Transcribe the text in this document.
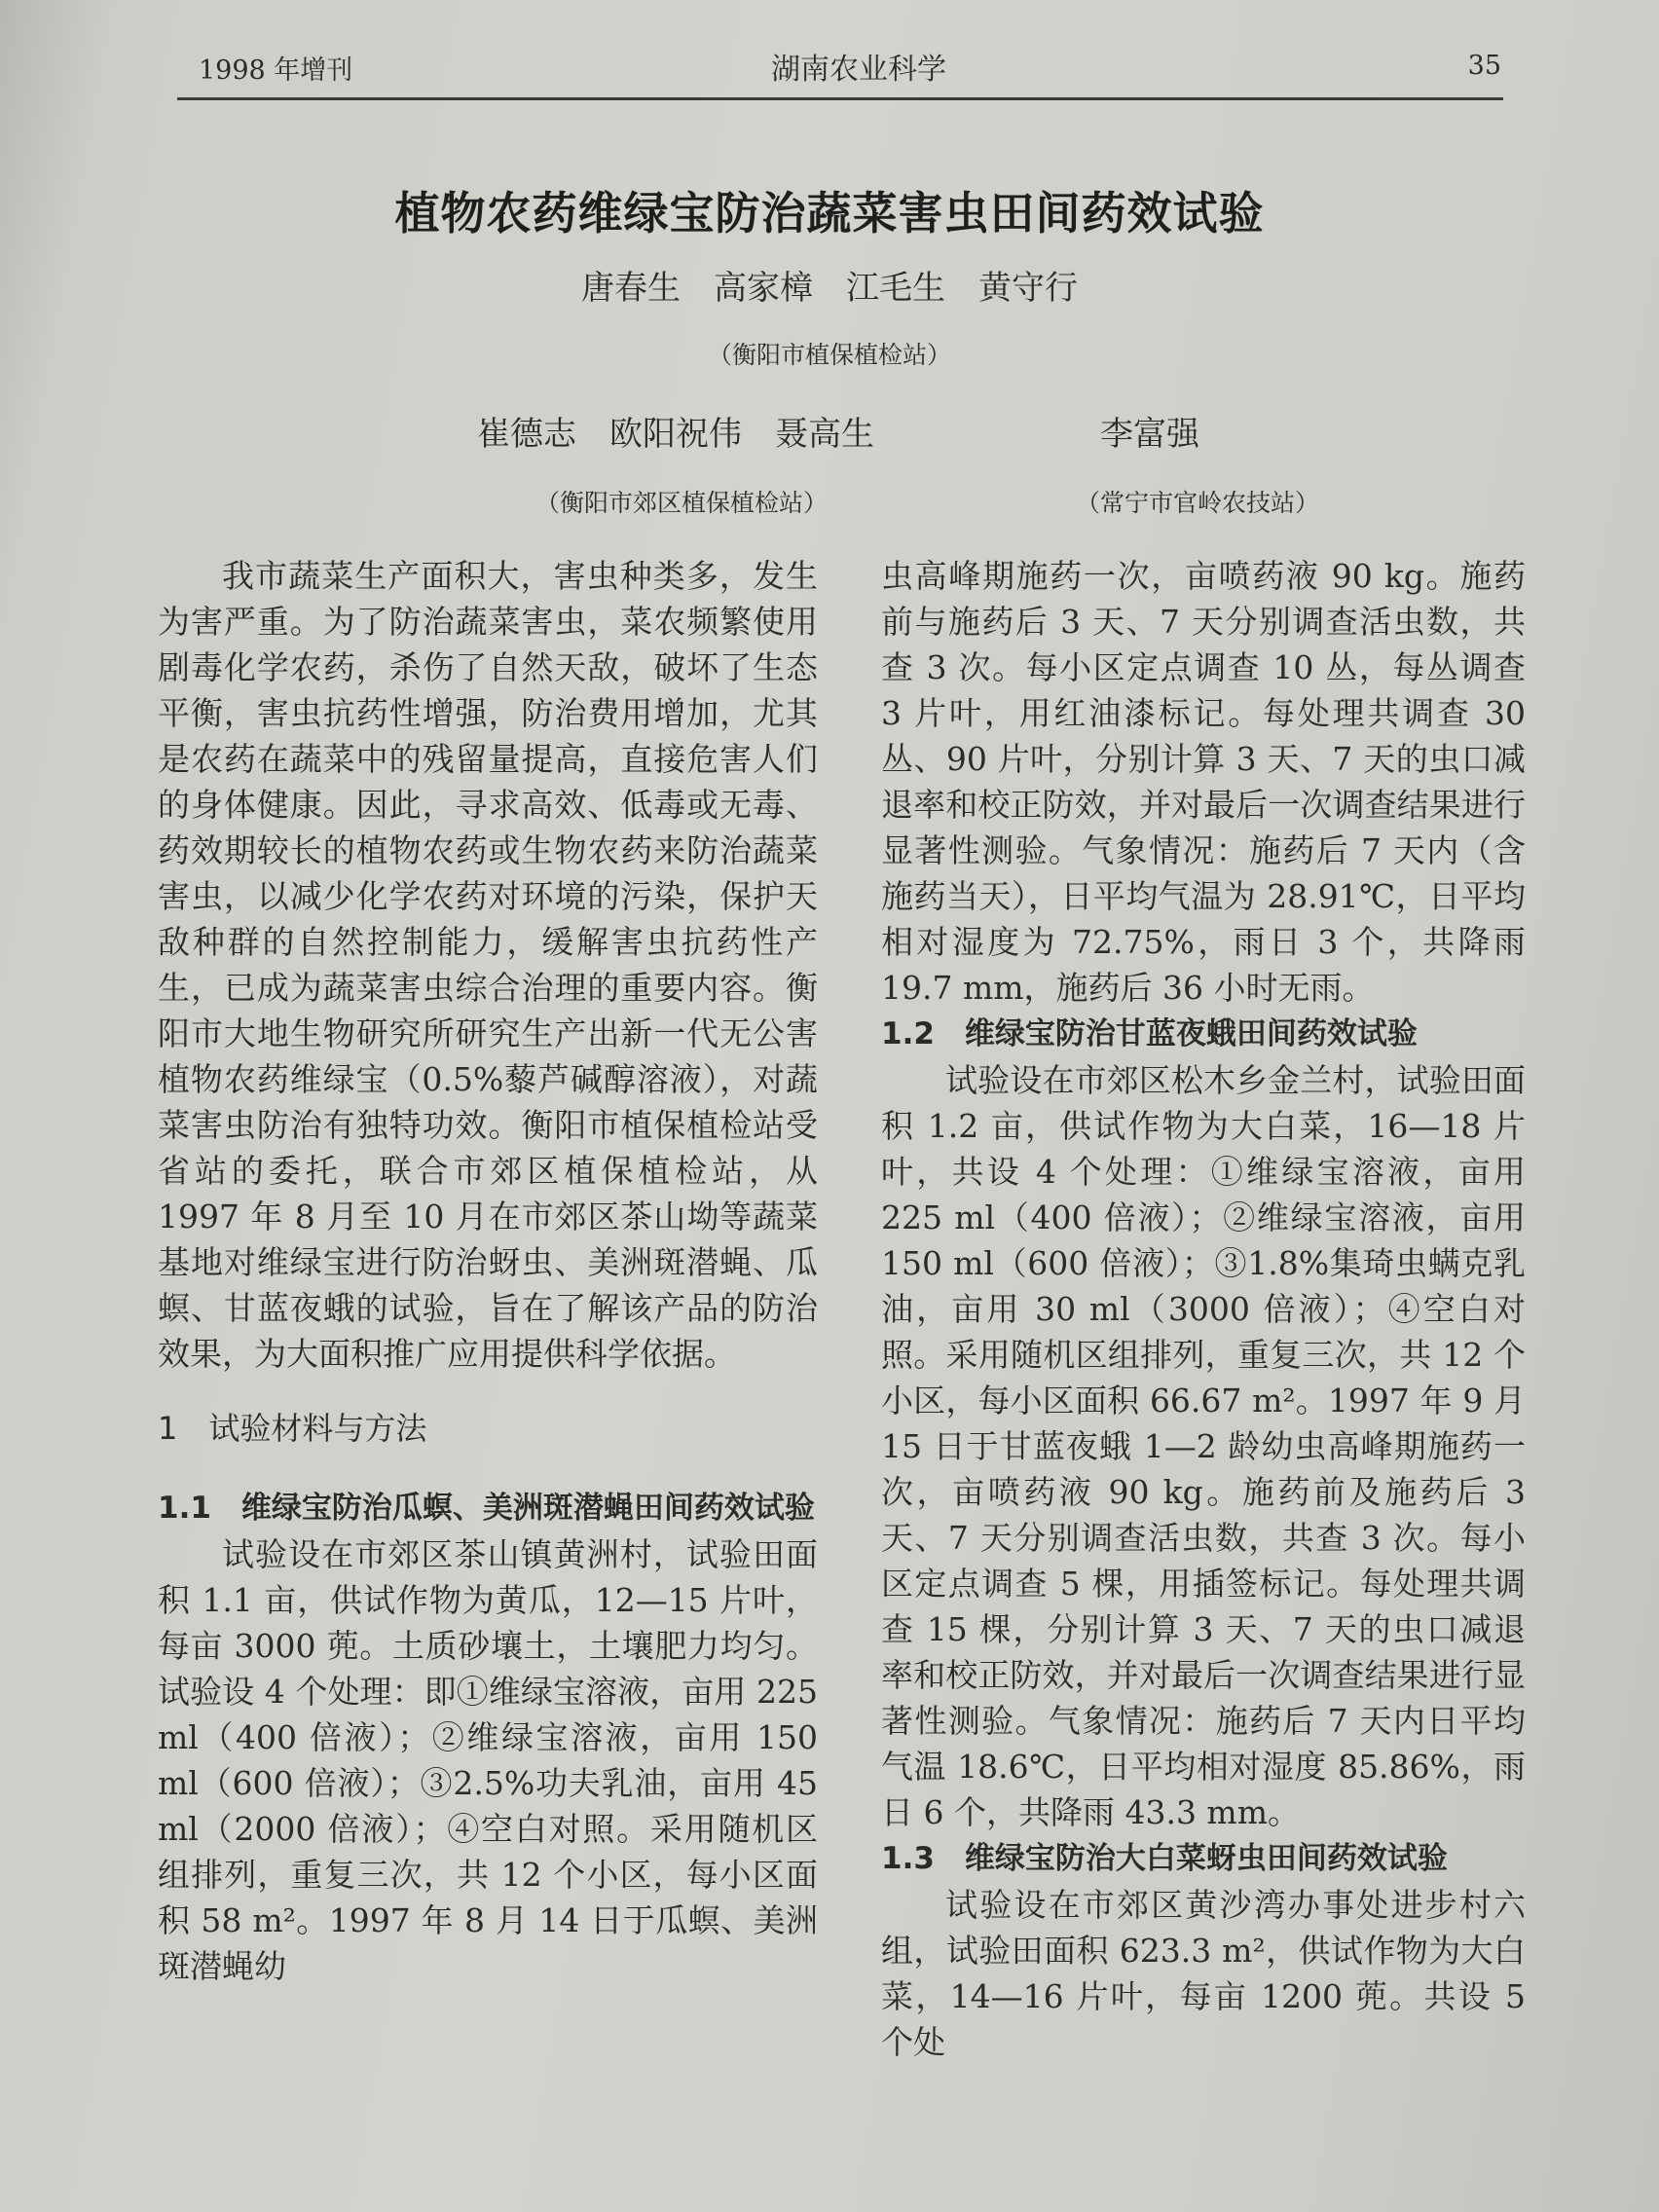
1998 年增刊	湖南农业科学	35
植物农药维绿宝防治蔬菜害虫田间药效试验
唐春生　高家樟　江毛生　黄守行
（衡阳市植保植检站）
崔德志　欧阳祝伟　聂高生	李富强
（衡阳市郊区植保植检站）	（常宁市官岭农技站）

我市蔬菜生产面积大，害虫种类多，发生为害严重。为了防治蔬菜害虫，菜农频繁使用剧毒化学农药，杀伤了自然天敌，破坏了生态平衡，害虫抗药性增强，防治费用增加，尤其是农药在蔬菜中的残留量提高，直接危害人们的身体健康。因此，寻求高效、低毒或无毒、药效期较长的植物农药或生物农药来防治蔬菜害虫，以减少化学农药对环境的污染，保护天敌种群的自然控制能力，缓解害虫抗药性产生，已成为蔬菜害虫综合治理的重要内容。衡阳市大地生物研究所研究生产出新一代无公害植物农药维绿宝（0.5%藜芦碱醇溶液），对蔬菜害虫防治有独特功效。衡阳市植保植检站受省站的委托，联合市郊区植保植检站，从 1997 年 8 月至 10 月在市郊区茶山坳等蔬菜基地对维绿宝进行防治蚜虫、美洲斑潜蝇、瓜螟、甘蓝夜蛾的试验，旨在了解该产品的防治效果，为大面积推广应用提供科学依据。

1　试验材料与方法
1.1　维绿宝防治瓜螟、美洲斑潜蝇田间药效试验

试验设在市郊区茶山镇黄洲村，试验田面积 1.1 亩，供试作物为黄瓜，12—15 片叶，每亩 3000 蔸。土质砂壤土，土壤肥力均匀。试验设 4 个处理：即①维绿宝溶液，亩用 225 ml（400 倍液）；②维绿宝溶液，亩用 150 ml（600 倍液）；③2.5%功夫乳油，亩用 45 ml（2000 倍液）；④空白对照。采用随机区组排列，重复三次，共 12 个小区，每小区面积 58 m²。1997 年 8 月 14 日于瓜螟、美洲斑潜蝇幼

虫高峰期施药一次，亩喷药液 90 kg。施药前与施药后 3 天、7 天分别调查活虫数，共查 3 次。每小区定点调查 10 丛，每丛调查 3 片叶，用红油漆标记。每处理共调查 30 丛、90 片叶，分别计算 3 天、7 天的虫口减退率和校正防效，并对最后一次调查结果进行显著性测验。气象情况：施药后 7 天内（含施药当天），日平均气温为 28.91℃，日平均相对湿度为 72.75%，雨日 3 个，共降雨 19.7 mm，施药后 36 小时无雨。

1.2　维绿宝防治甘蓝夜蛾田间药效试验

试验设在市郊区松木乡金兰村，试验田面积 1.2 亩，供试作物为大白菜，16—18 片叶，共设 4 个处理：①维绿宝溶液，亩用 225 ml（400 倍液）；②维绿宝溶液，亩用 150 ml（600 倍液）；③1.8%集琦虫螨克乳油，亩用 30 ml（3000 倍液）；④空白对照。采用随机区组排列，重复三次，共 12 个小区，每小区面积 66.67 m²。1997 年 9 月 15 日于甘蓝夜蛾 1—2 龄幼虫高峰期施药一次，亩喷药液 90 kg。施药前及施药后 3 天、7 天分别调查活虫数，共查 3 次。每小区定点调查 5 棵，用插签标记。每处理共调查 15 棵，分别计算 3 天、7 天的虫口减退率和校正防效，并对最后一次调查结果进行显著性测验。气象情况：施药后 7 天内日平均气温 18.6℃，日平均相对湿度 85.86%，雨日 6 个，共降雨 43.3 mm。

1.3　维绿宝防治大白菜蚜虫田间药效试验

试验设在市郊区黄沙湾办事处进步村六组，试验田面积 623.3 m²，供试作物为大白菜，14—16 片叶，每亩 1200 蔸。共设 5 个处
